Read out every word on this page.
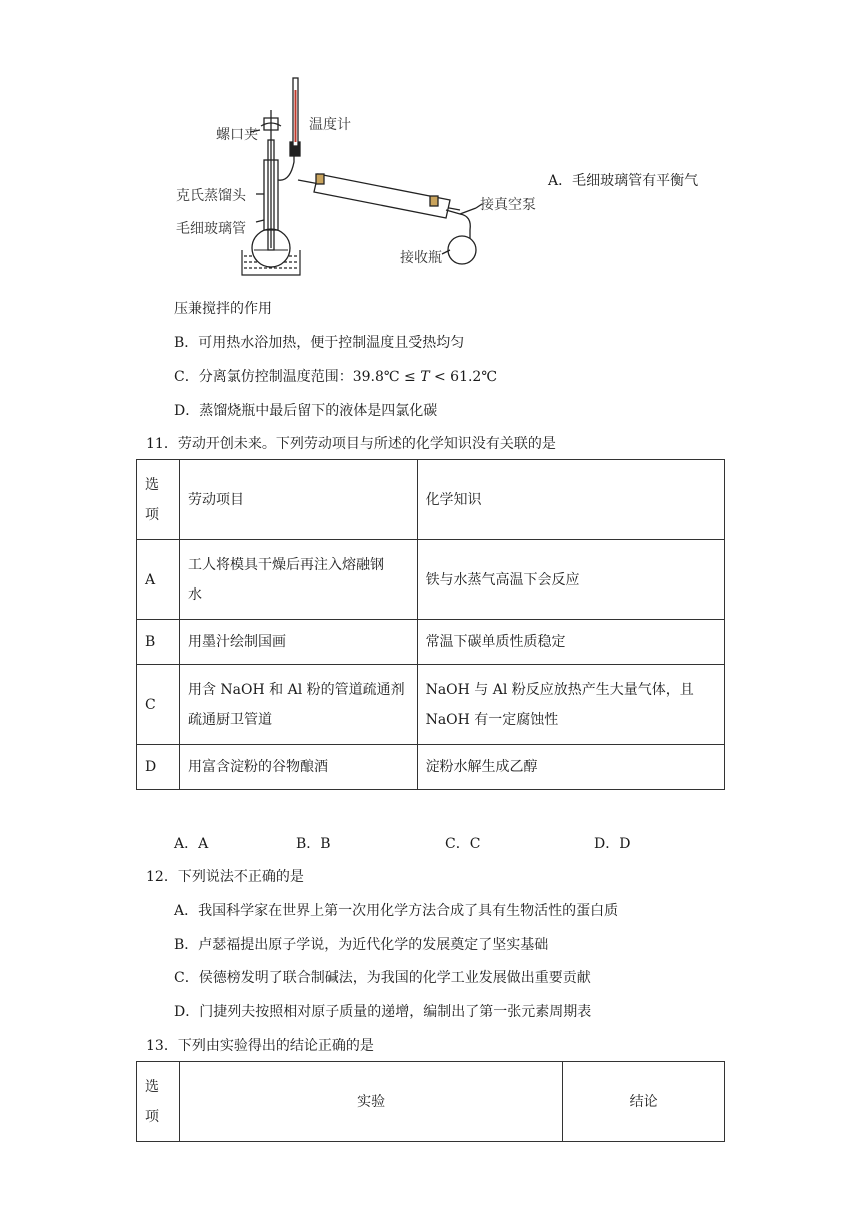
螺口夹
温度计
克氏蒸馏头
毛细玻璃管
接真空泵
接收瓶
A．毛细玻璃管有平衡气
压兼搅拌的作用
B．可用热水浴加热，便于控制温度且受热均匀
C．分离氯仿控制温度范围：39.8℃ ≤ T < 61.2℃
D．蒸馏烧瓶中最后留下的液体是四氯化碳
11．劳动开创未来。下列劳动项目与所述的化学知识没有关联的是
选
项	劳动项目	化学知识
A	工人将模具干燥后再注入熔融钢
水	铁与水蒸气高温下会反应
B	用墨汁绘制国画	常温下碳单质性质稳定
C	用含 NaOH 和 Al 粉的管道疏通剂
疏通厨卫管道	NaOH 与 Al 粉反应放热产生大量气体，且
NaOH 有一定腐蚀性
D	用富含淀粉的谷物酿酒	淀粉水解生成乙醇
A．A	B．B	C．C	D．D
12．下列说法不正确的是
A．我国科学家在世界上第一次用化学方法合成了具有生物活性的蛋白质
B．卢瑟福提出原子学说，为近代化学的发展奠定了坚实基础
C．侯德榜发明了联合制碱法，为我国的化学工业发展做出重要贡献
D．门捷列夫按照相对原子质量的递增，编制出了第一张元素周期表
13．下列由实验得出的结论正确的是
选
项	实验	结论
